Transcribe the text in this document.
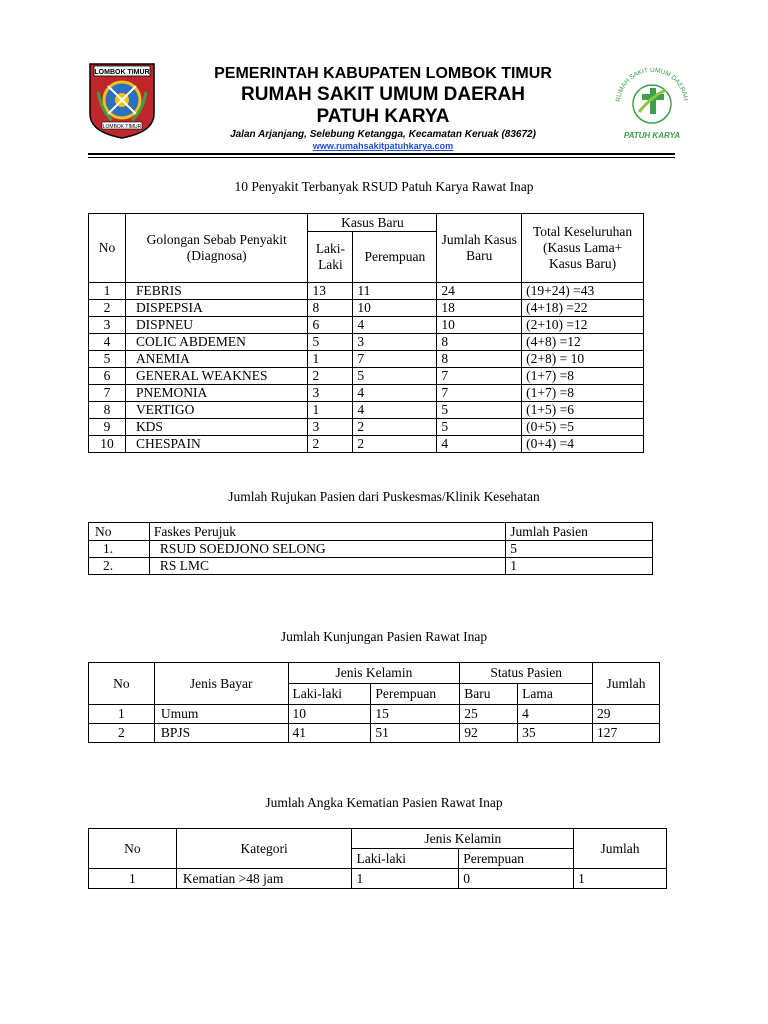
LOMBOK TIMUR
LOMBOK TIMUR
PEMERINTAH KABUPATEN LOMBOK TIMUR
RUMAH SAKIT UMUM DAERAH
PATUH KARYA
Jalan Arjanjang, Selebung Ketangga, Kecamatan Keruak (83672)
www.rumahsakitpatuhkarya.com
RUMAH SAKIT UMUM DAERAH
PATUH KARYA
10 Penyakit Terbanyak RSUD Patuh Karya Rawat Inap
No	Golongan Sebab Penyakit (Diagnosa)	Kasus Baru		Jumlah Kasus Baru	Total Keseluruhan (Kasus Lama+ Kasus Baru)
		Laki-Laki	Perempuan		
1	FEBRIS	13	11	24	(19+24) =43
2	DISPEPSIA	8	10	18	(4+18) =22
3	DISPNEU	6	4	10	(2+10) =12
4	COLIC ABDEMEN	5	3	8	(4+8) =12
5	ANEMIA	1	7	8	(2+8) = 10
6	GENERAL WEAKNES	2	5	7	(1+7) =8
7	PNEMONIA	3	4	7	(1+7) =8
8	VERTIGO	1	4	5	(1+5) =6
9	KDS	3	2	5	(0+5) =5
10	CHESPAIN	2	2	4	(0+4) =4
Jumlah Rujukan Pasien dari Puskesmas/Klinik Kesehatan
No	Faskes Perujuk	Jumlah Pasien
1.	RSUD SOEDJONO SELONG	5
2.	RS LMC	1
Jumlah Kunjungan Pasien Rawat Inap
No	Jenis Bayar	Jenis Kelamin		Status Pasien		Jumlah
		Laki-laki	Perempuan	Baru	Lama	
1	Umum	10	15	25	4	29
2	BPJS	41	51	92	35	127
Jumlah Angka Kematian Pasien Rawat Inap
No	Kategori	Jenis Kelamin		Jumlah
		Laki-laki	Perempuan	
1	Kematian >48 jam	1	0	1
